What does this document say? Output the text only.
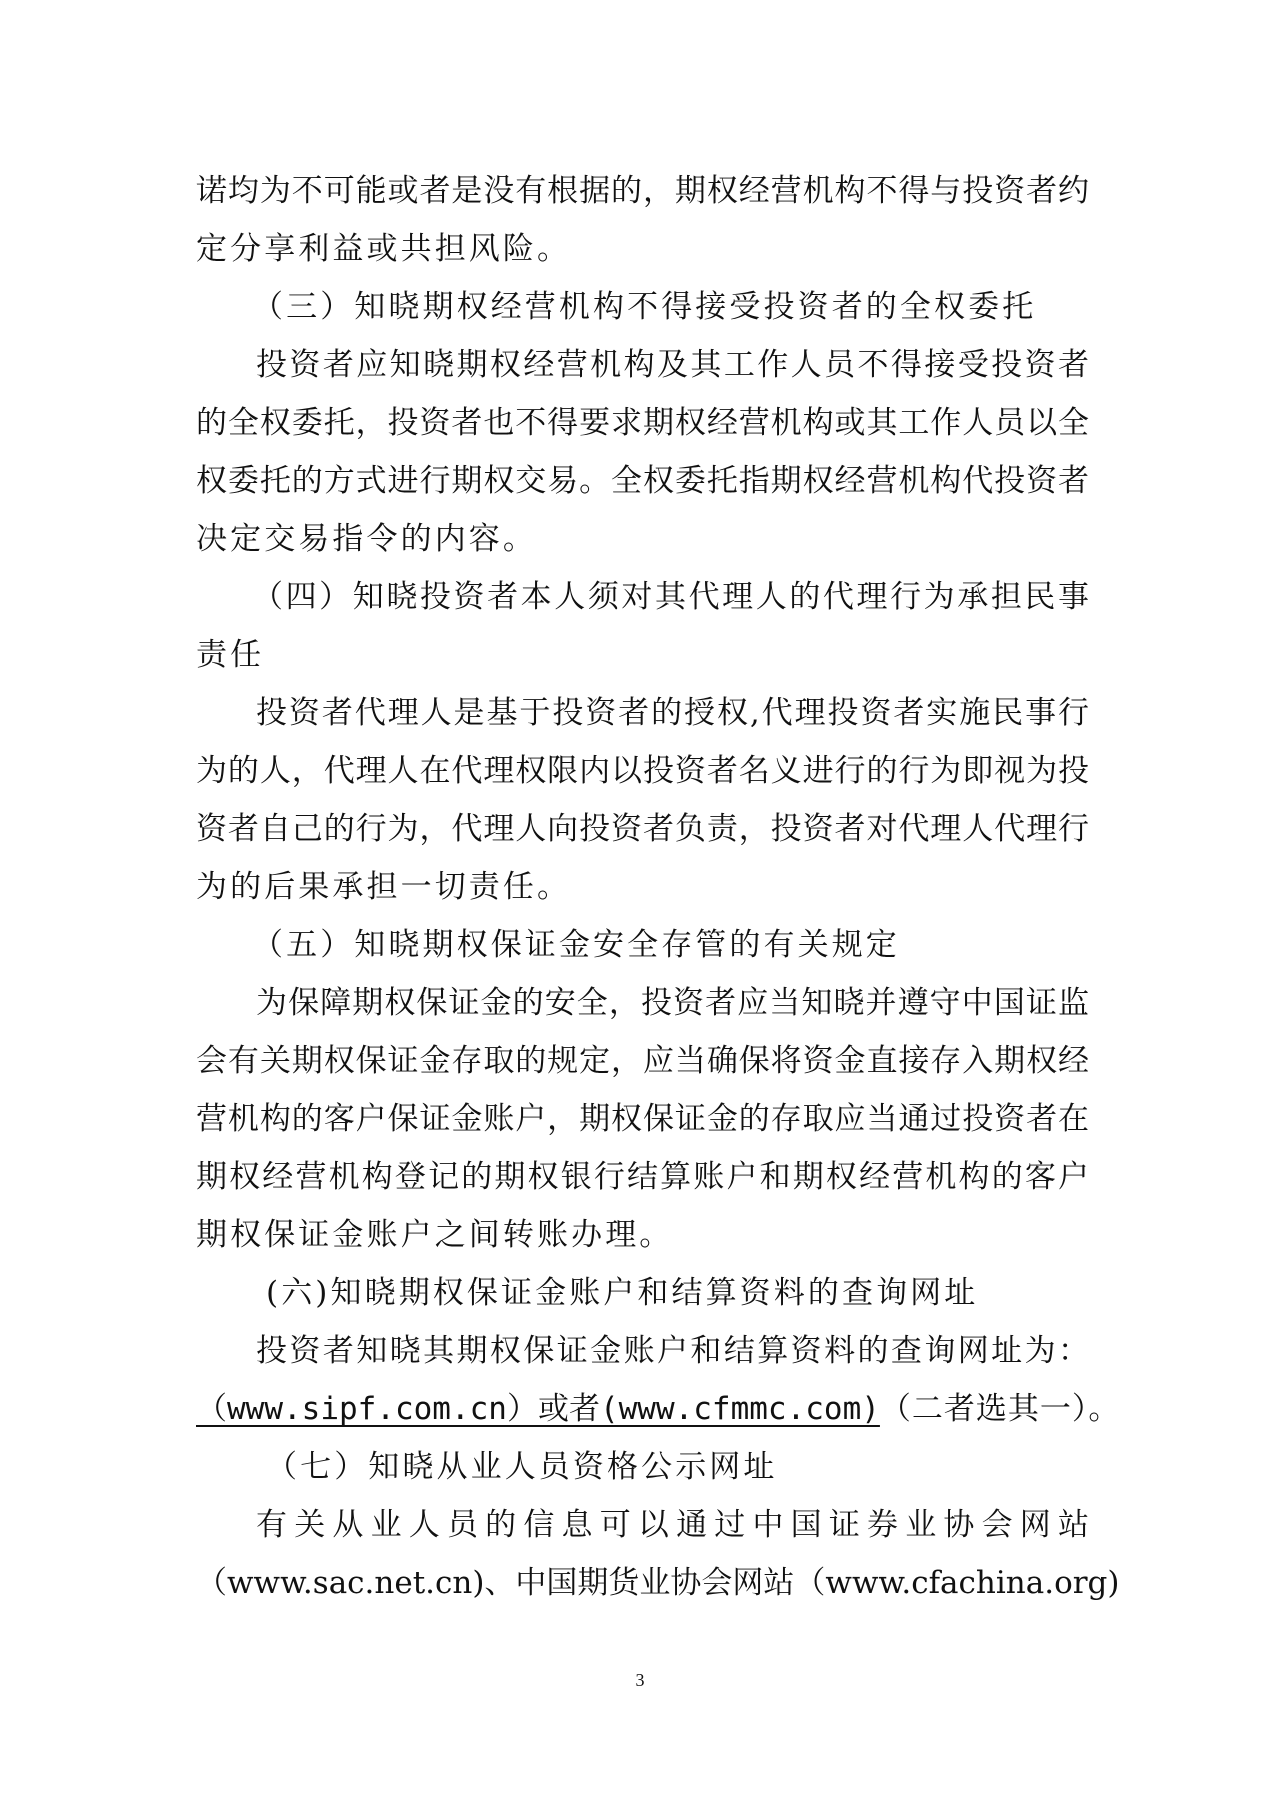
诺均为不可能或者是没有根据的，期权经营机构不得与投资者约
定分享利益或共担风险。
（三）知晓期权经营机构不得接受投资者的全权委托
投资者应知晓期权经营机构及其工作人员不得接受投资者
的全权委托，投资者也不得要求期权经营机构或其工作人员以全
权委托的方式进行期权交易。全权委托指期权经营机构代投资者
决定交易指令的内容。
（四）知晓投资者本人须对其代理人的代理行为承担民事
责任
投资者代理人是基于投资者的授权,代理投资者实施民事行
为的人，代理人在代理权限内以投资者名义进行的行为即视为投
资者自己的行为，代理人向投资者负责，投资者对代理人代理行
为的后果承担一切责任。
（五）知晓期权保证金安全存管的有关规定
为保障期权保证金的安全，投资者应当知晓并遵守中国证监
会有关期权保证金存取的规定，应当确保将资金直接存入期权经
营机构的客户保证金账户，期权保证金的存取应当通过投资者在
期权经营机构登记的期权银行结算账户和期权经营机构的客户
期权保证金账户之间转账办理。
(六)知晓期权保证金账户和结算资料的查询网址
投资者知晓其期权保证金账户和结算资料的查询网址为：
（www.sipf.com.cn）或者(www.cfmmc.com)（二者选其一）。
（七）知晓从业人员资格公示网址
有关从业人员的信息可以通过中国证券业协会网站
（www.sac.net.cn)、中国期货业协会网站（www.cfachina.org)
3
